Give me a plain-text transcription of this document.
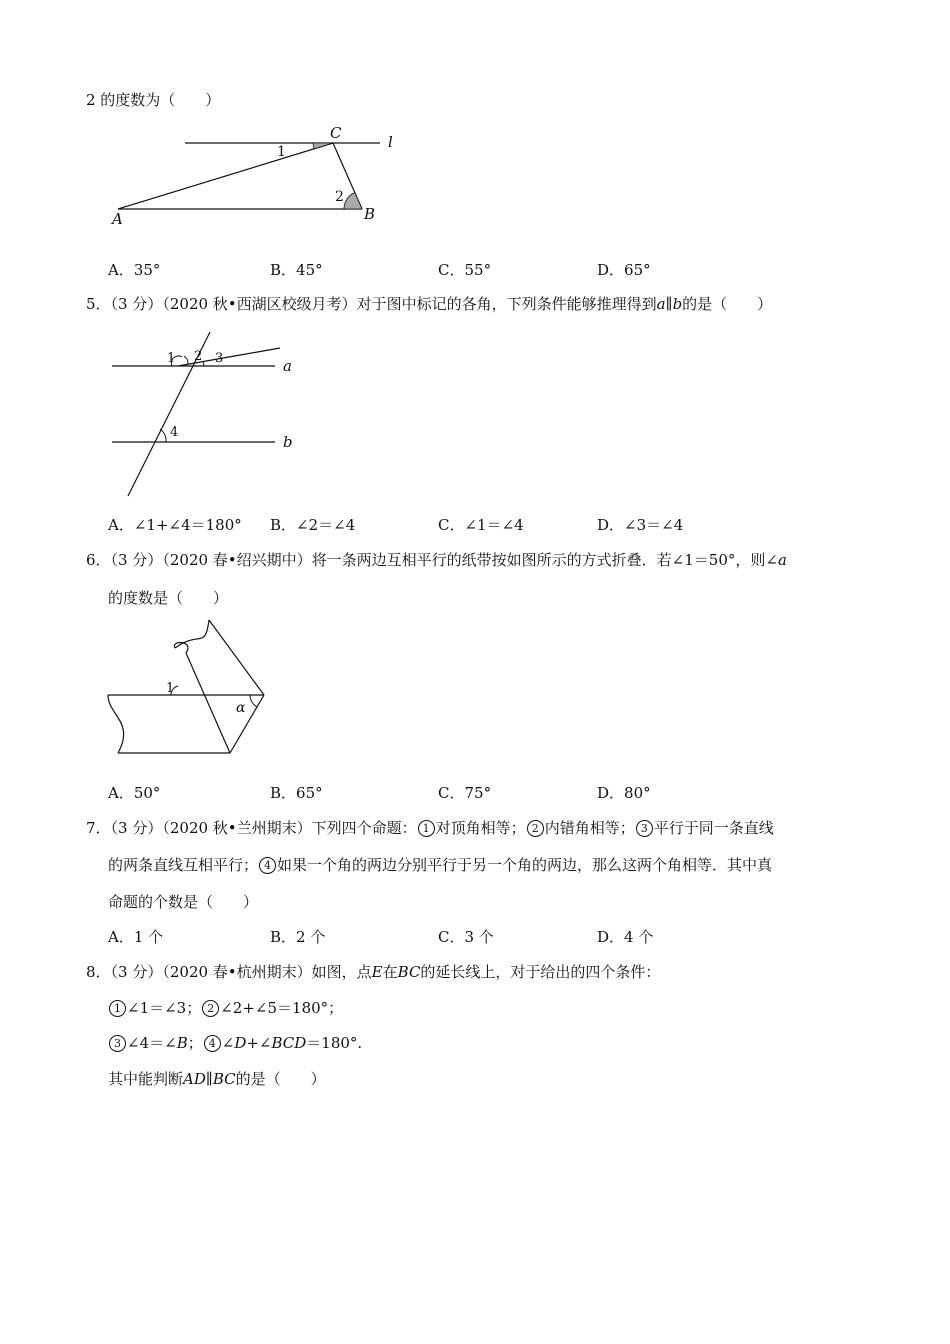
2 的度数为（　　）
C	l
1
2
A	B
A．35°	B．45°	C．55°	D．65°
5．（3 分）（2020 秋•西湖区校级月考）对于图中标记的各角，下列条件能够推理得到a∥b的是（　　）
1 2 3
4
a
b
A．∠1+∠4＝180° B．∠2＝∠4	C．∠1＝∠4	D．∠3＝∠4
6．（3 分）（2020 春•绍兴期中）将一条两边互相平行的纸带按如图所示的方式折叠．若∠1＝50°，则∠a
的度数是（　　）
1
α
A．50°	B．65°	C．75°	D．80°
7．（3 分）（2020 秋•兰州期末）下列四个命题： 1 对顶角相等； 2 内错角相等； 3 平行于同一条直线
的两条直线互相平行； 4 如果一个角的两边分别平行于另一个角的两边，那么这两个角相等．其中真
命题的个数是（　　）
A．1 个	B．2 个	C．3 个	D．4 个
8．（3 分）（2020 春•杭州期末）如图，点E在BC的延长线上，对于给出的四个条件：
1 ∠1＝∠3； 2 ∠2+∠5＝180°；
3 ∠4＝∠B； 4 ∠D+∠BCD＝180°.
其中能判断AD∥BC的是（　　）
